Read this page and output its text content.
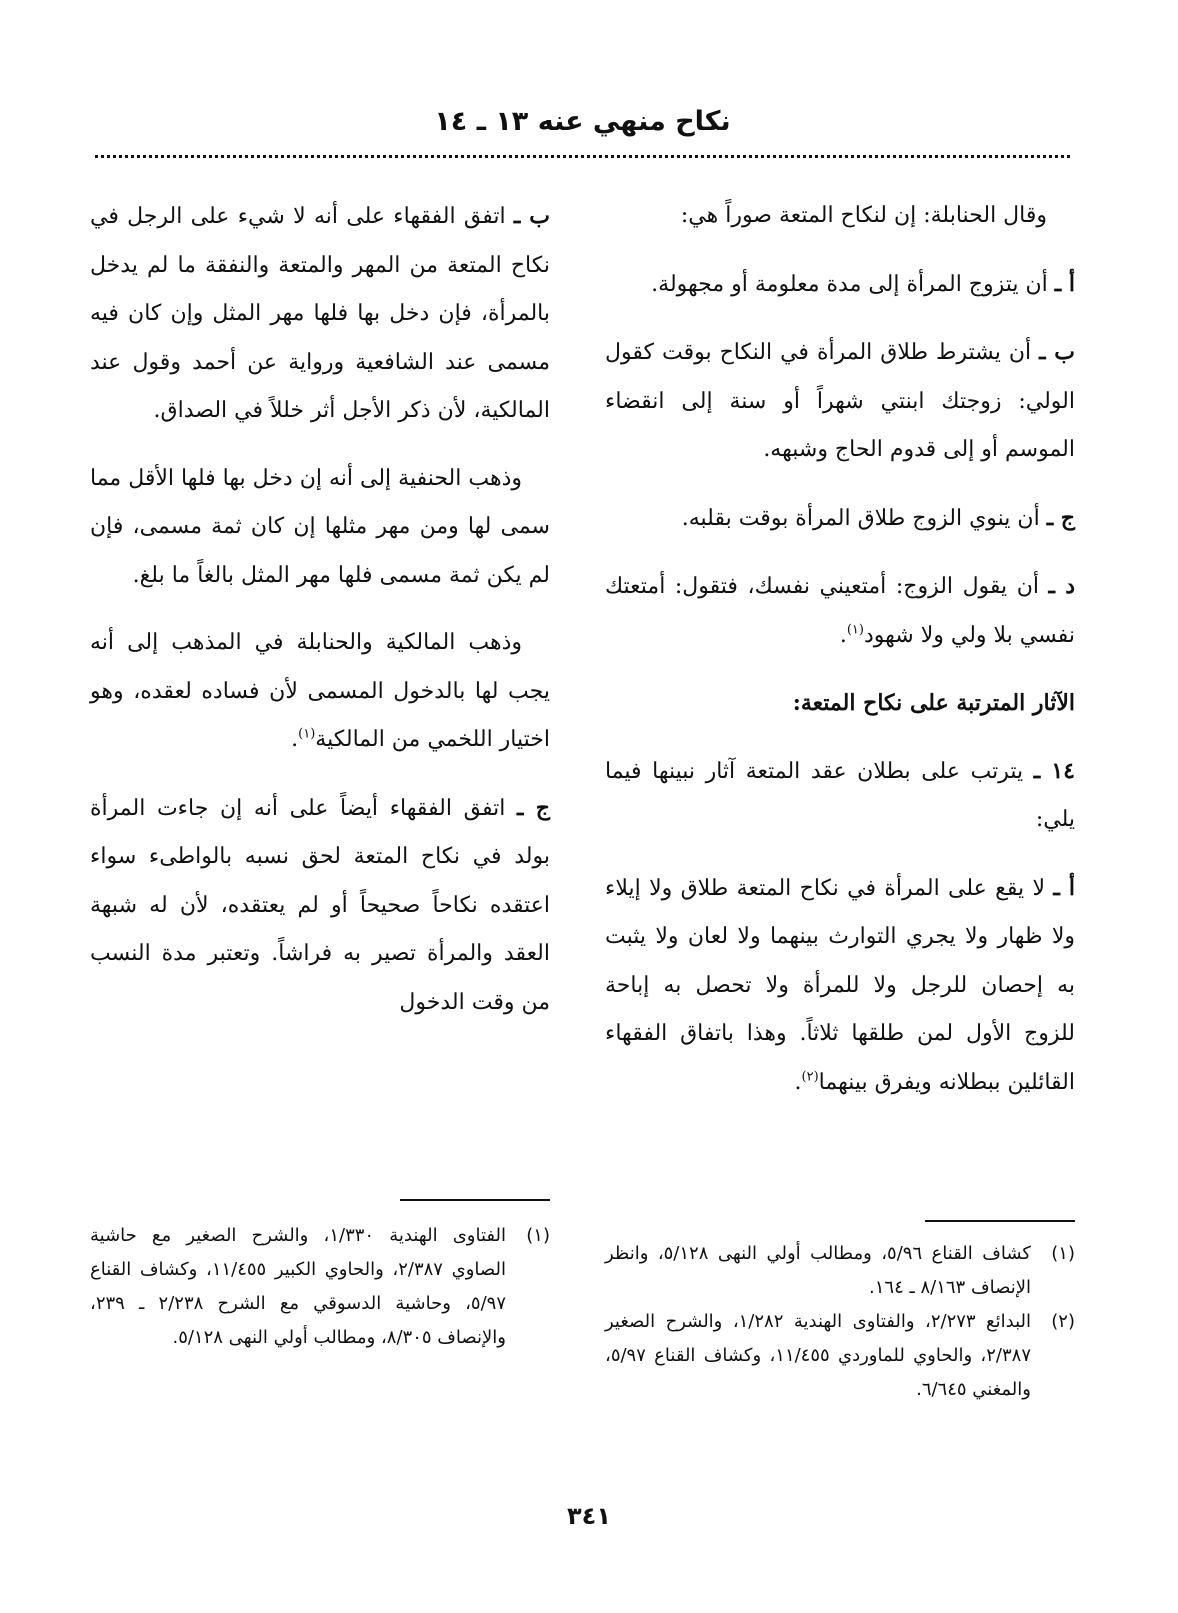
نكاح منهي عنه ١٣ ـ ١٤

وقال الحنابلة: إن لنكاح المتعة صوراً هي:

أ ـ أن يتزوج المرأة إلى مدة معلومة أو مجهولة.

ب ـ أن يشترط طلاق المرأة في النكاح بوقت كقول الولي: زوجتك ابنتي شهراً أو سنة إلى انقضاء الموسم أو إلى قدوم الحاج وشبهه.

ج ـ أن ينوي الزوج طلاق المرأة بوقت بقلبه.

د ـ أن يقول الزوج: أمتعيني نفسك، فتقول: أمتعتك نفسي بلا ولي ولا شهود$^{(١)}$.

الآثار المترتبة على نكاح المتعة:

١٤ ـ يترتب على بطلان عقد المتعة آثار نبينها فيما يلي:

أ ـ لا يقع على المرأة في نكاح المتعة طلاق ولا إيلاء ولا ظهار ولا يجري التوارث بينهما ولا لعان ولا يثبت به إحصان للرجل ولا للمرأة ولا تحصل به إباحة للزوج الأول لمن طلقها ثلاثاً. وهذا باتفاق الفقهاء القائلين ببطلانه ويفرق بينهما$^{(٢)}$.

ب ـ اتفق الفقهاء على أنه لا شيء على الرجل في نكاح المتعة من المهر والمتعة والنفقة ما لم يدخل بالمرأة، فإن دخل بها فلها مهر المثل وإن كان فيه مسمى عند الشافعية ورواية عن أحمد وقول عند المالكية، لأن ذكر الأجل أثر خللاً في الصداق.

وذهب الحنفية إلى أنه إن دخل بها فلها الأقل مما سمى لها ومن مهر مثلها إن كان ثمة مسمى، فإن لم يكن ثمة مسمى فلها مهر المثل بالغاً ما بلغ.

وذهب المالكية والحنابلة في المذهب إلى أنه يجب لها بالدخول المسمى لأن فساده لعقده، وهو اختيار اللخمي من المالكية$^{(١)}$.

ج ـ اتفق الفقهاء أيضاً على أنه إن جاءت المرأة بولد في نكاح المتعة لحق نسبه بالواطىء سواء اعتقده نكاحاً صحيحاً أو لم يعتقده، لأن له شبهة العقد والمرأة تصير به فراشاً. وتعتبر مدة النسب من وقت الدخول

(١)
كشاف القناع ٥/٩٦، ومطالب أولي النهى ٥/١٢٨، وانظر الإنصاف ٨/١٦٣ ـ ١٦٤.
(٢)
البدائع ٢/٢٧٣، والفتاوى الهندية ١/٢٨٢، والشرح الصغير ٢/٣٨٧، والحاوي للماوردي ١١/٤٥٥، وكشاف القناع ٥/٩٧، والمغني ٦/٦٤٥.
(١)
الفتاوى الهندية ١/٣٣٠، والشرح الصغير مع حاشية الصاوي ٢/٣٨٧، والحاوي الكبير ١١/٤٥٥، وكشاف القناع ٥/٩٧، وحاشية الدسوقي مع الشرح ٢/٢٣٨ ـ ٢٣٩، والإنصاف ٨/٣٠٥، ومطالب أولي النهى ٥/١٢٨.
٣٤١
